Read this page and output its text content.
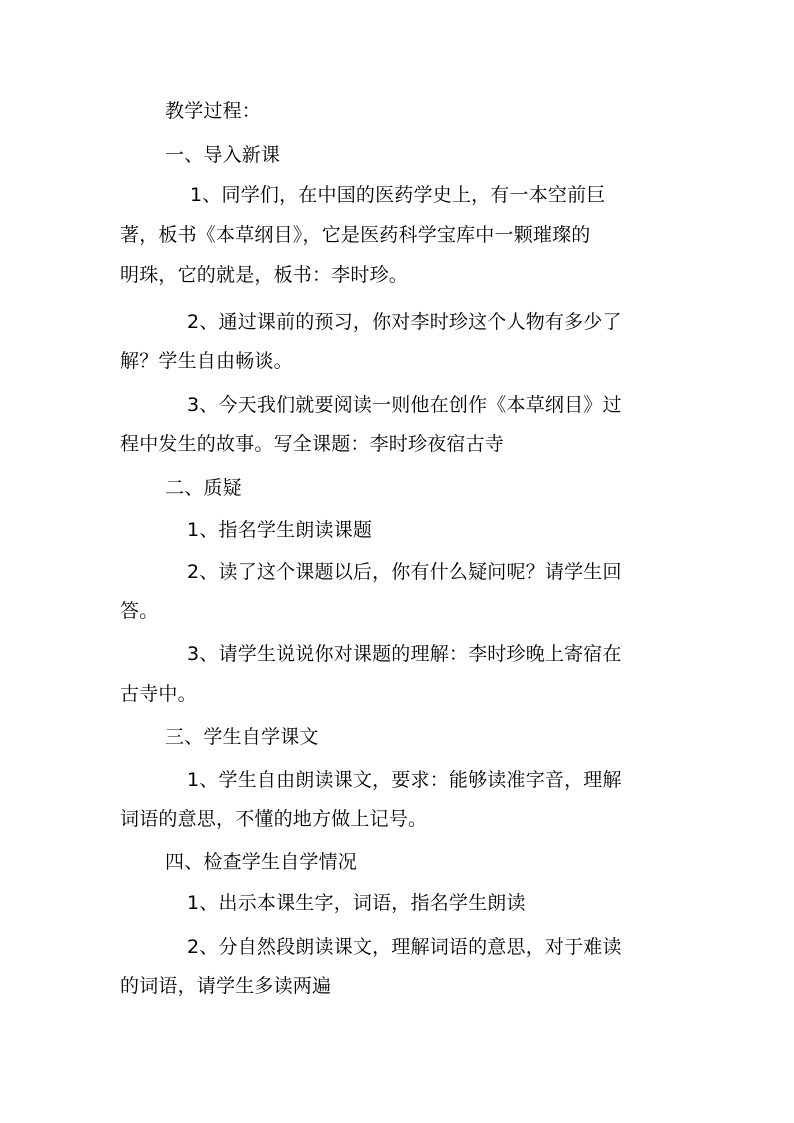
教学过程：
一、导入新课
1、同学们，在中国的医药学史上，有一本空前巨
著，板书《本草纲目》，它是医药科学宝库中一颗璀璨的
明珠，它的就是，板书：李时珍。
2、通过课前的预习，你对李时珍这个人物有多少了
解？学生自由畅谈。
3、今天我们就要阅读一则他在创作《本草纲目》过
程中发生的故事。写全课题：李时珍夜宿古寺
二、质疑
1、指名学生朗读课题
2、读了这个课题以后，你有什么疑问呢？请学生回
答。
3、请学生说说你对课题的理解：李时珍晚上寄宿在
古寺中。
三、学生自学课文
1、学生自由朗读课文，要求：能够读准字音，理解
词语的意思，不懂的地方做上记号。
四、检查学生自学情况
1、出示本课生字，词语，指名学生朗读
2、分自然段朗读课文，理解词语的意思，对于难读
的词语，请学生多读两遍
